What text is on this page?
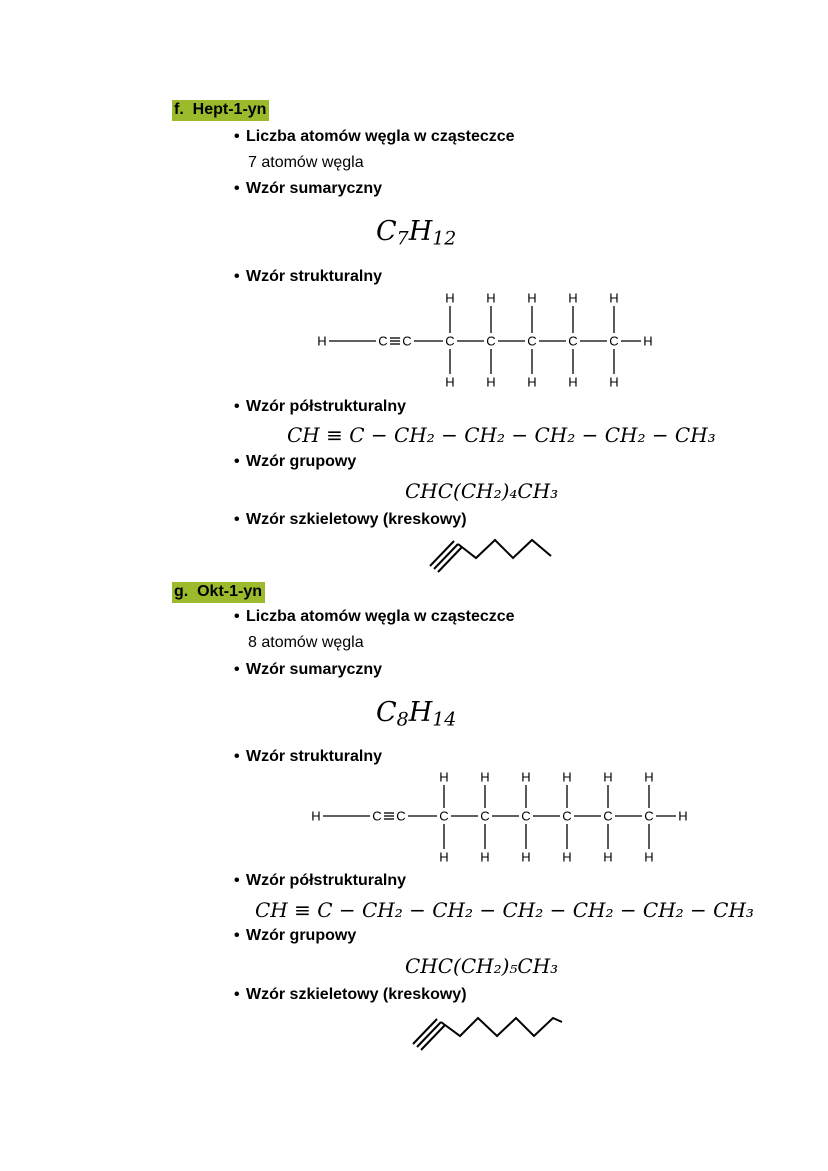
f.  Hept-1-yn
• Liczba atomów węgla w cząsteczce
7 atomów węgla
• Wzór sumaryczny
$C_7H_{12}$
• Wzór strukturalny
H	C C	C
H
H
C
H
H
C
H
H
C
H
H
C
H
H
H
• Wzór półstrukturalny
CH ≡ C − CH₂ − CH₂ − CH₂ − CH₂ − CH₃
• Wzór grupowy
CHC(CH₂)₄CH₃
• Wzór szkieletowy (kreskowy)
g.  Okt-1-yn
• Liczba atomów węgla w cząsteczce
8 atomów węgla
• Wzór sumaryczny
$C_8H_{14}$
• Wzór strukturalny
H	C C	C
H
H
C
H
H
C
H
H
C
H
H
C
H
H
C
H
H
H
• Wzór półstrukturalny
CH ≡ C − CH₂ − CH₂ − CH₂ − CH₂ − CH₂ − CH₃
• Wzór grupowy
CHC(CH₂)₅CH₃
• Wzór szkieletowy (kreskowy)
